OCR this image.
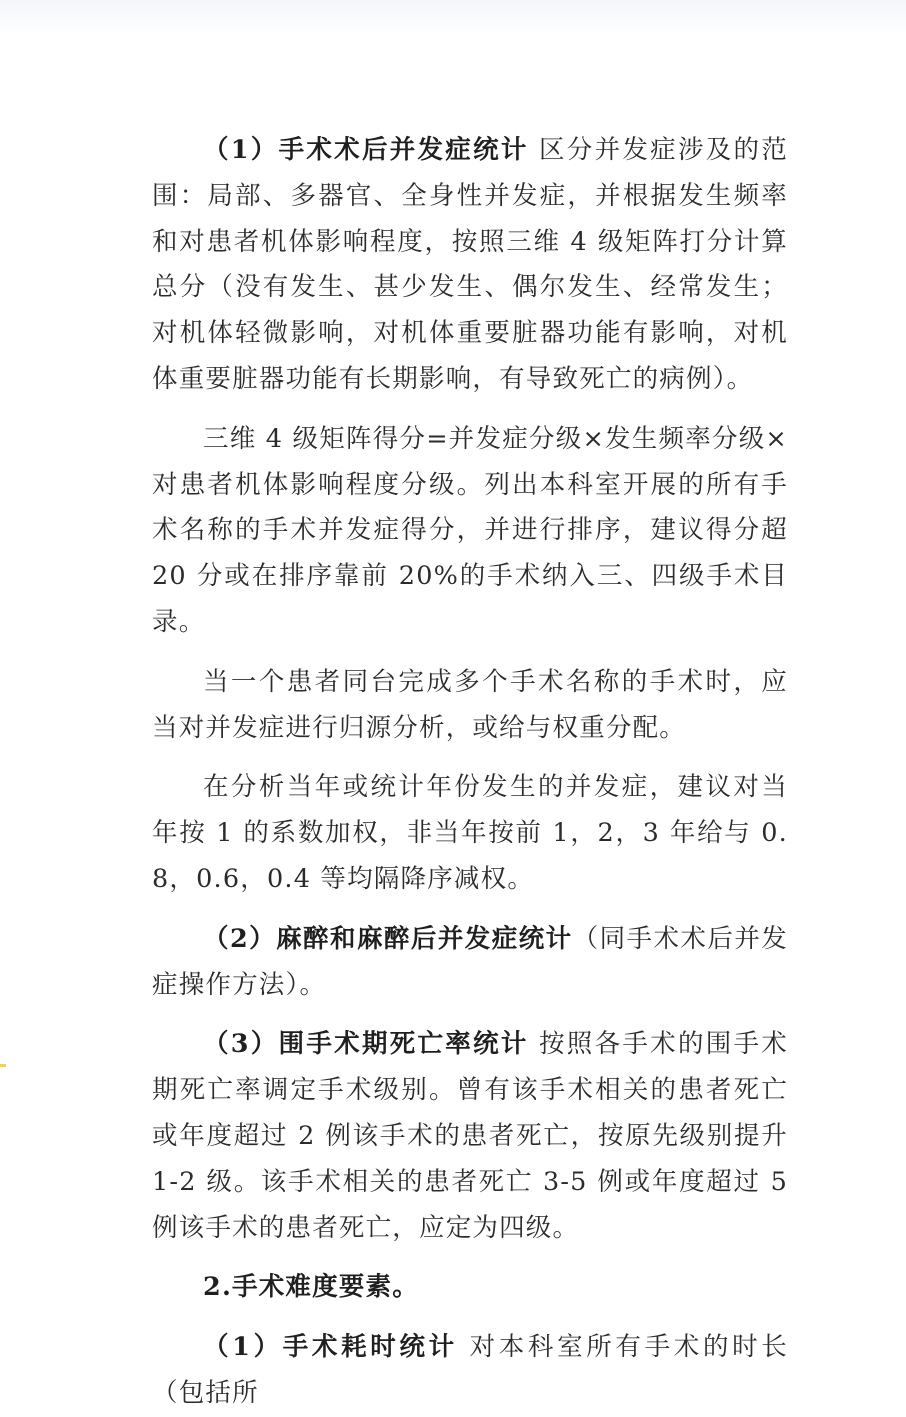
（1）手术术后并发症统计 区分并发症涉及的范围：局部、多器官、全身性并发症，并根据发生频率和对患者机体影响程度，按照三维 4 级矩阵打分计算总分（没有发生、甚少发生、偶尔发生、经常发生；对机体轻微影响，对机体重要脏器功能有影响，对机体重要脏器功能有长期影响，有导致死亡的病例）。

三维 4 级矩阵得分=并发症分级×发生频率分级×对患者机体影响程度分级。列出本科室开展的所有手术名称的手术并发症得分，并进行排序，建议得分超 20 分或在排序靠前 20%的手术纳入三、四级手术目录。

当一个患者同台完成多个手术名称的手术时，应当对并发症进行归源分析，或给与权重分配。

在分析当年或统计年份发生的并发症，建议对当年按 1 的系数加权，非当年按前 1，2，3 年给与 0.8，0.6，0.4 等均隔降序减权。

（2）麻醉和麻醉后并发症统计（同手术术后并发症操作方法）。

（3）围手术期死亡率统计 按照各手术的围手术期死亡率调定手术级别。曾有该手术相关的患者死亡或年度超过 2 例该手术的患者死亡，按原先级别提升 1-2 级。该手术相关的患者死亡 3-5 例或年度超过 5 例该手术的患者死亡，应定为四级。

2.手术难度要素。

（1）手术耗时统计 对本科室所有手术的时长（包括所
